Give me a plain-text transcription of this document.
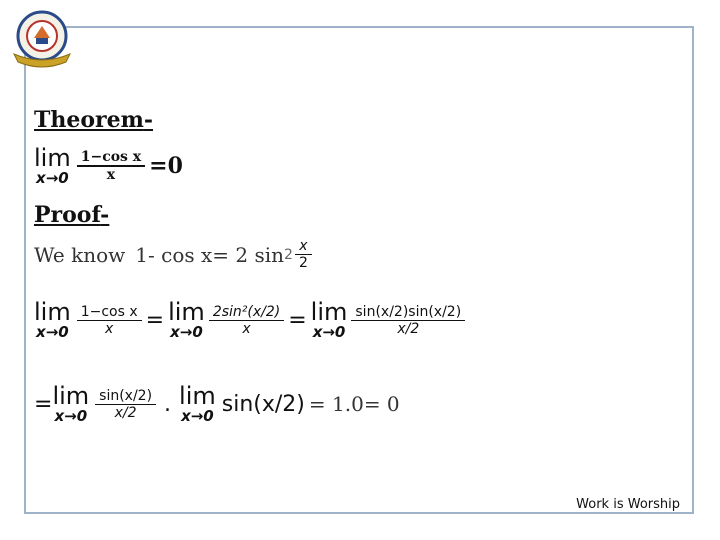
Theorem-
lim
$x\to 0 \frac{\text{1−cos x}}{x} =0$
Proof-
We know 1- cos x= 2 $\sin 2 \frac{x}{2}$
lim
$x\to 0 \frac{\text{1−cos x}}{x} = \lim$
$x\to 0 \frac{\text{2sin²(x/2)}}{x} = \lim$
$x\to 0 \frac{\sin(x/2)\sin(x/2)}{x/2}$
= lim
$x\to 0 \frac{\sin(x/2)}{x/2}$ . lim
x→0 sin(x/2) = 1.0= 0
Work is Worship
